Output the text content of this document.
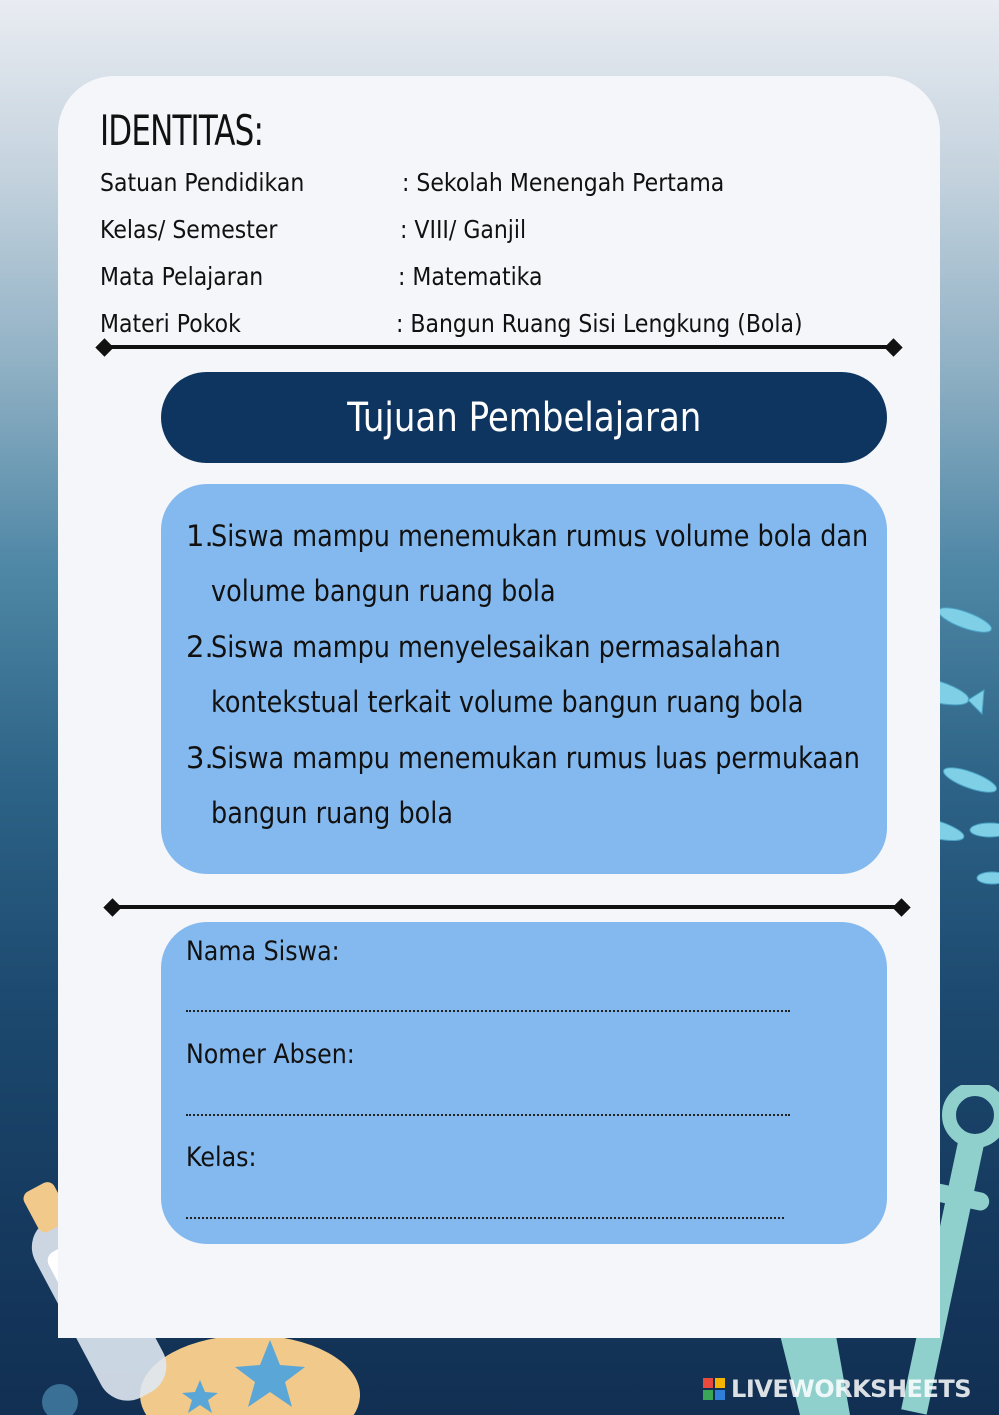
IDENTITAS:
Satuan Pendidikan	: Sekolah Menengah Pertama
Kelas/ Semester	: VIII/ Ganjil
Mata Pelajaran	: Matematika
Materi Pokok	: Bangun Ruang Sisi Lengkung (Bola)
Tujuan Pembelajaran
1.
Siswa mampu menemukan rumus volume bola dan
volume bangun ruang bola
2.
Siswa mampu menyelesaikan permasalahan
kontekstual terkait volume bangun ruang bola
3.
Siswa mampu menemukan rumus luas permukaan
bangun ruang bola
Nama Siswa:
Nomer Absen:
Kelas:
LIVEWORKSHEETS
